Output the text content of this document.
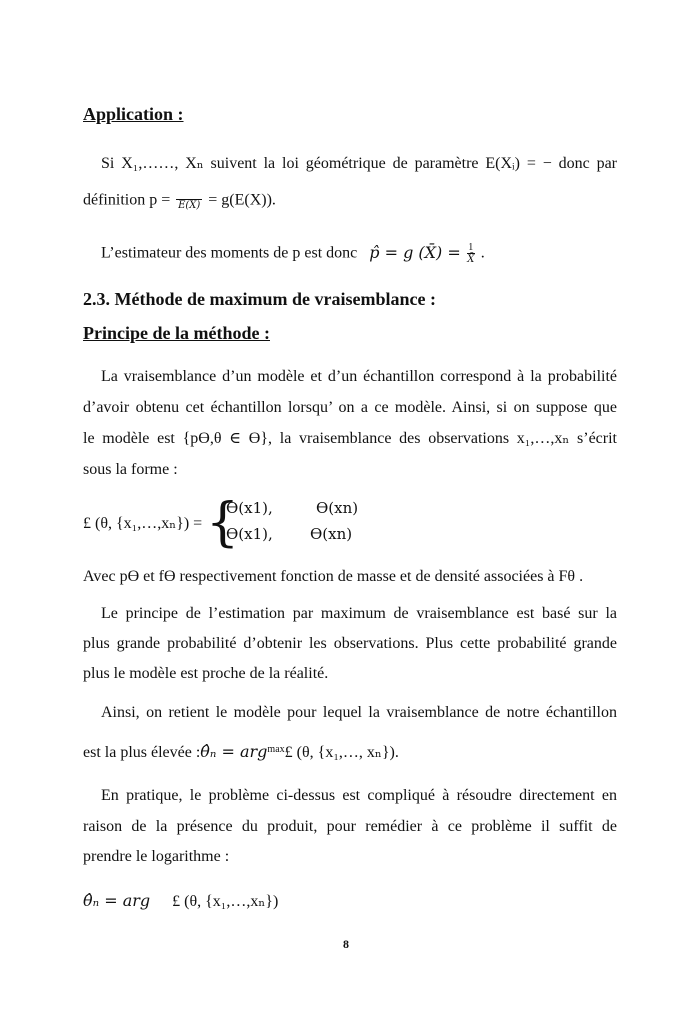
Application :
Si X₁,……, Xₙ suivent la loi géométrique de paramètre E(Xᵢ) = − donc par
définition p = E(X) = g(E(X)).
L’estimateur des moments de p est donc p̂ = g (X̄) = $\frac{1}{X̄}$ .
2.3. Méthode de maximum de vraisemblance :
Principe de la méthode :
La vraisemblance d’un modèle et d’un échantillon correspond à la probabilité
d’avoir obtenu cet échantillon lorsqu’ on a ce modèle. Ainsi, si on suppose que
le modèle est {pϴ,θ ∈ ϴ}, la vraisemblance des observations x₁,…,xₙ s’écrit
sous la forme :
£ (θ, {x₁,…,xₙ}) = {
ϴ(x1),	ϴ(xn)
ϴ(x1), ϴ(xn)
Avec pϴ et fϴ respectivement fonction de masse et de densité associées à Fθ .
Le principe de l’estimation par maximum de vraisemblance est basé sur la
plus grande probabilité d’obtenir les observations. Plus cette probabilité grande
plus le modèle est proche de la réalité.
Ainsi, on retient le modèle pour lequel la vraisemblance de notre échantillon
est la plus élevée :θ̂ₙ = arg$^{max}$£ (θ, {x₁,…, xₙ}).
En pratique, le problème ci-dessus est compliqué à résoudre directement en
raison de la présence du produit, pour remédier à ce problème il suffit de
prendre le logarithme :
θ̂ₙ = arg £ (θ, {x₁,…,xₙ})
8
